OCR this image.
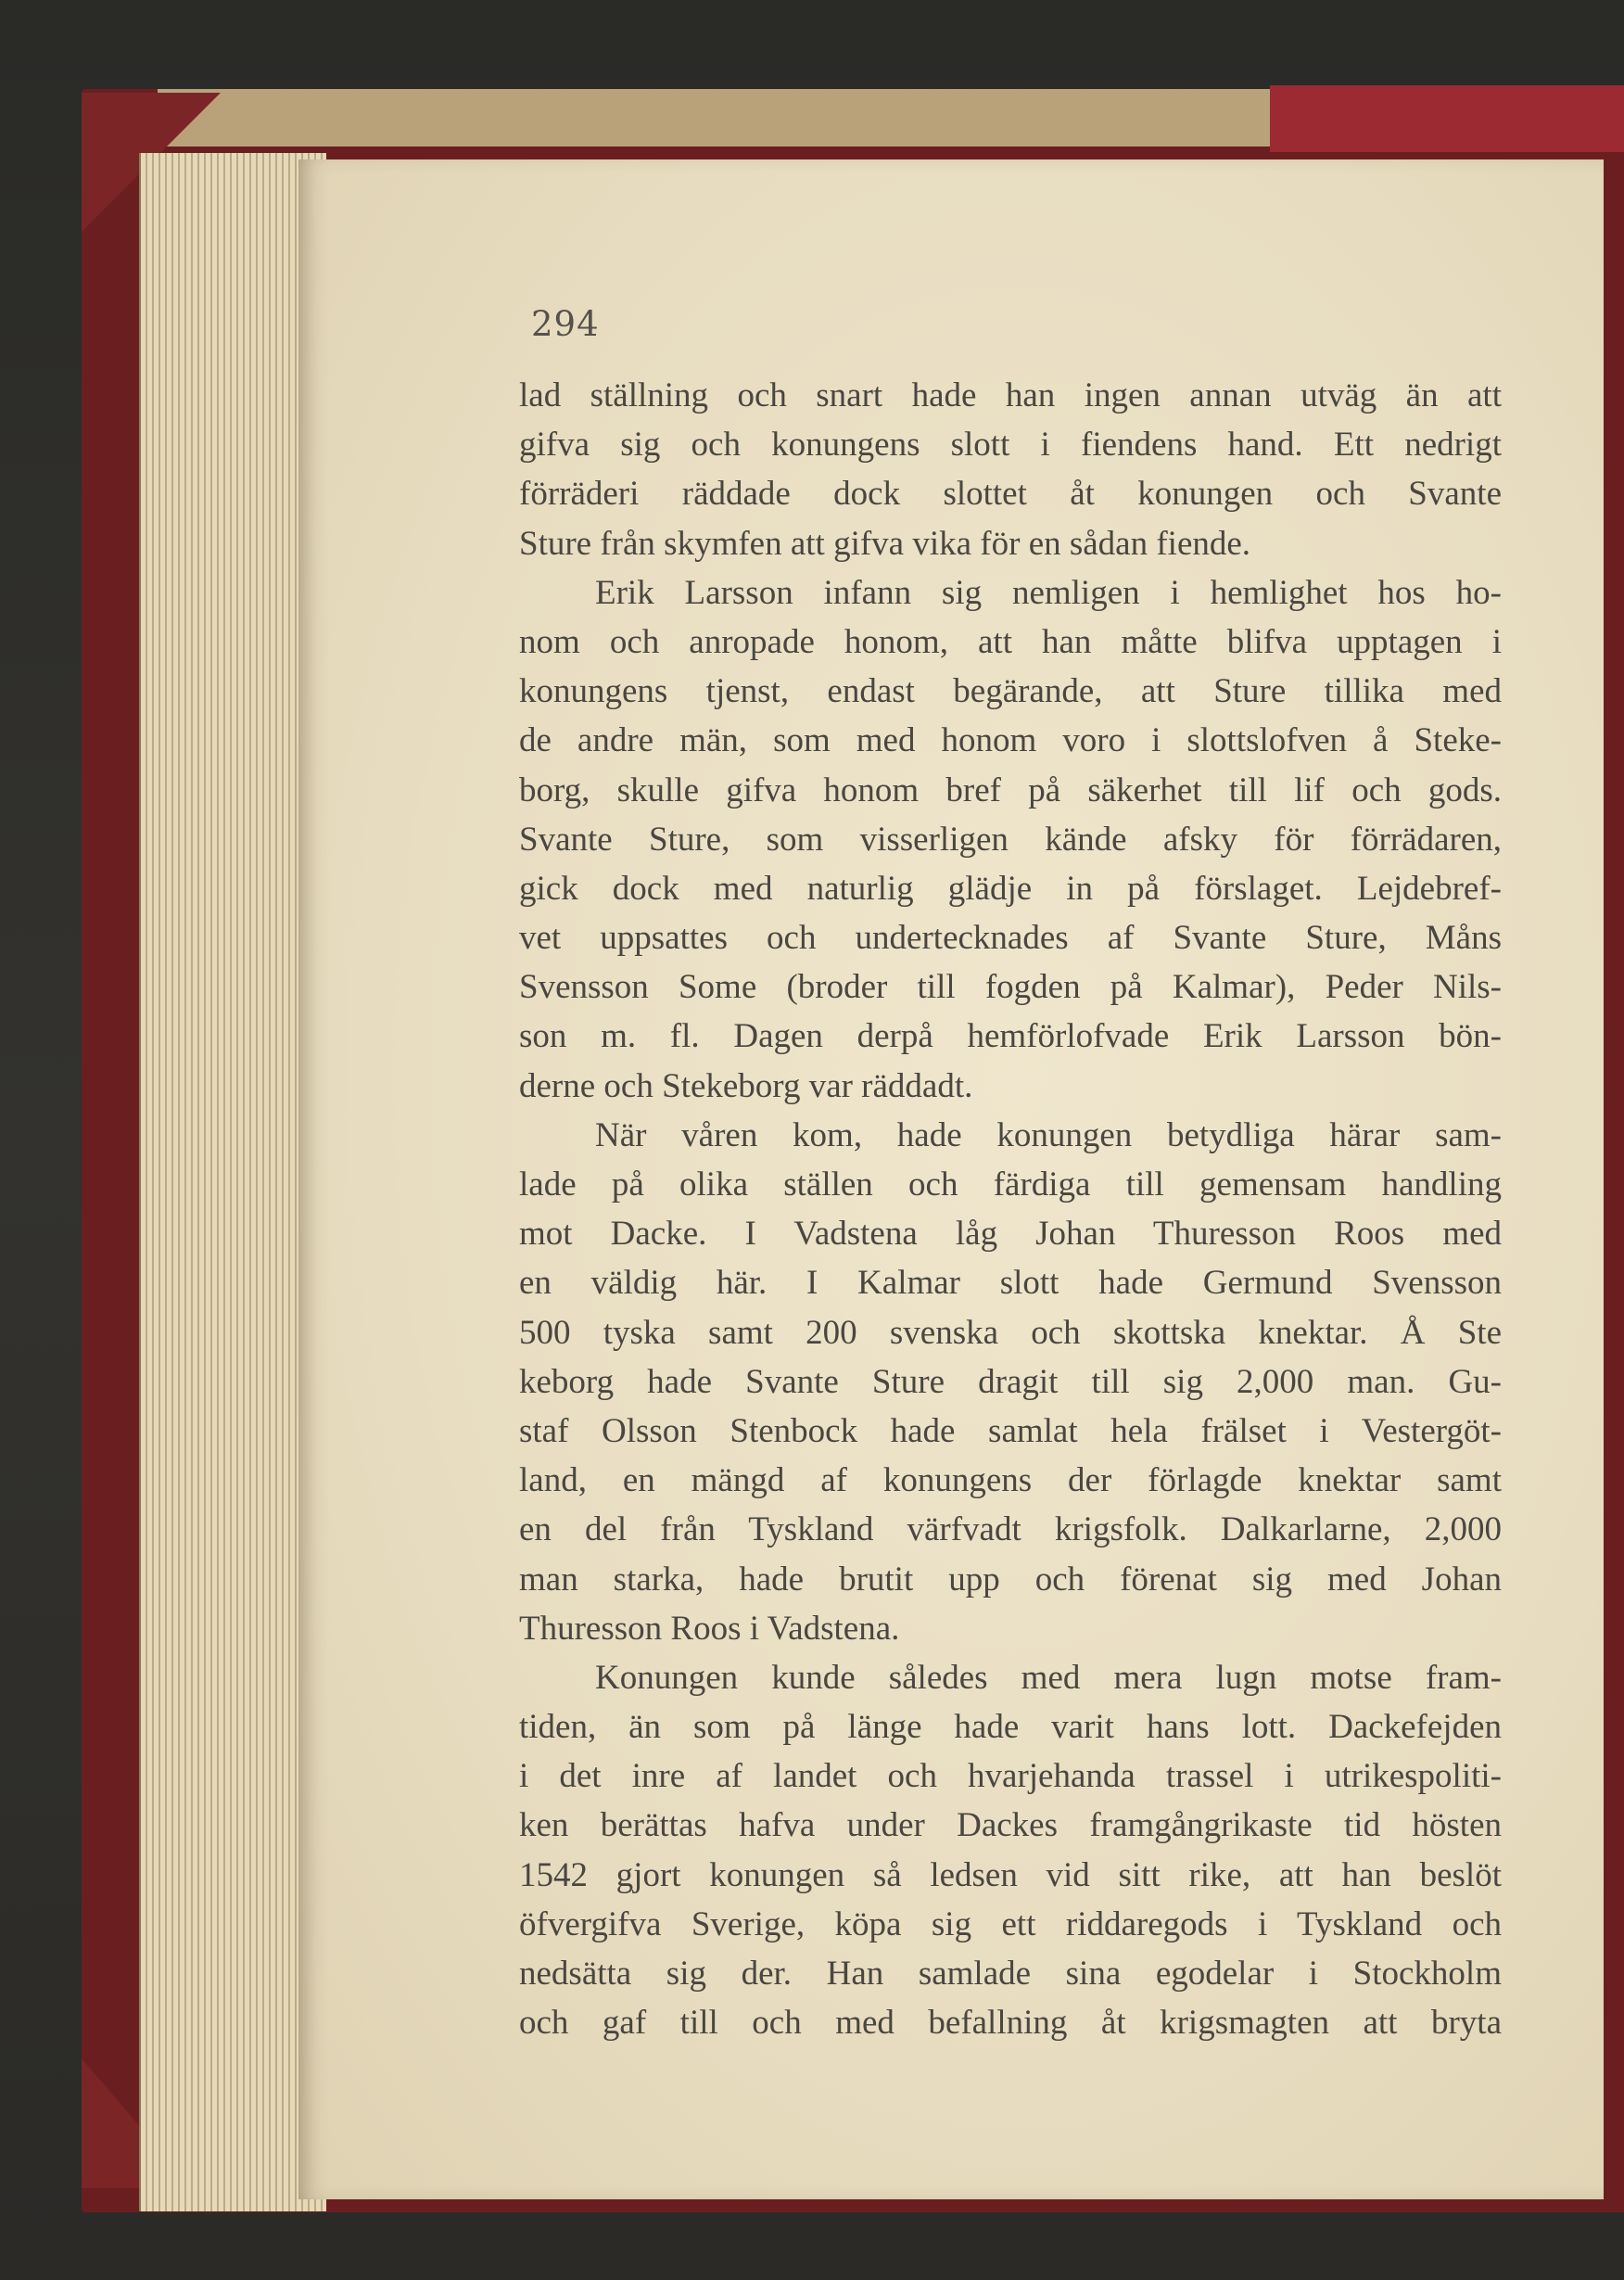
294
lad ställning och snart hade han ingen annan utväg än att
gifva sig och konungens slott i fiendens hand. Ett nedrigt
förräderi räddade dock slottet åt konungen och Svante
Sture från skymfen att gifva vika för en sådan fiende.
Erik Larsson infann sig nemligen i hemlighet hos ho-
nom och anropade honom, att han måtte blifva upptagen i
konungens tjenst, endast begärande, att Sture tillika med
de andre män, som med honom voro i slottslofven å Steke-
borg, skulle gifva honom bref på säkerhet till lif och gods.
Svante Sture, som visserligen kände afsky för förrädaren,
gick dock med naturlig glädje in på förslaget. Lejdebref-
vet uppsattes och undertecknades af Svante Sture, Måns
Svensson Some (broder till fogden på Kalmar), Peder Nils-
son m. fl. Dagen derpå hemförlofvade Erik Larsson bön-
derne och Stekeborg var räddadt.
När våren kom, hade konungen betydliga härar sam-
lade på olika ställen och färdiga till gemensam handling
mot Dacke. I Vadstena låg Johan Thuresson Roos med
en väldig här. I Kalmar slott hade Germund Svensson
500 tyska samt 200 svenska och skottska knektar. Å Ste
keborg hade Svante Sture dragit till sig 2,000 man. Gu-
staf Olsson Stenbock hade samlat hela frälset i Vestergöt-
land, en mängd af konungens der förlagde knektar samt
en del från Tyskland värfvadt krigsfolk. Dalkarlarne, 2,000
man starka, hade brutit upp och förenat sig med Johan
Thuresson Roos i Vadstena.
Konungen kunde således med mera lugn motse fram-
tiden, än som på länge hade varit hans lott. Dackefejden
i det inre af landet och hvarjehanda trassel i utrikespoliti-
ken berättas hafva under Dackes framgångrikaste tid hösten
1542 gjort konungen så ledsen vid sitt rike, att han beslöt
öfvergifva Sverige, köpa sig ett riddaregods i Tyskland och
nedsätta sig der. Han samlade sina egodelar i Stockholm
och gaf till och med befallning åt krigsmagten att bryta
